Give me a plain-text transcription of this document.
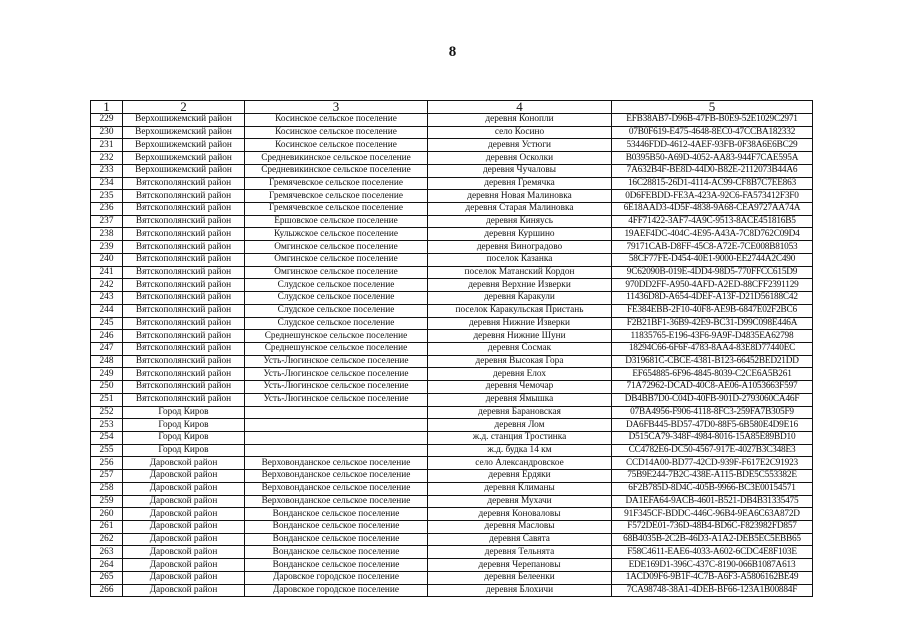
8
1	2	3	4	5
229	Верхошижемский район	Косинское сельское поселение	деревня Конопли	EFB38AB7-D96B-47FB-B0E9-52E1029C2971
230	Верхошижемский район	Косинское сельское поселение	село Косино	07B0F619-E475-4648-8EC0-47CCBA182332
231	Верхошижемский район	Косинское сельское поселение	деревня Устюги	53446FDD-4612-4AEF-93FB-0F38A6E6BC29
232	Верхошижемский район	Средневикинское сельское поселение	деревня Осколки	B0395B50-A69D-4052-AA83-944F7CAE595A
233	Верхошижемский район	Средневикинское сельское поселение	деревня Чучаловы	7A632B4F-BE8D-44D0-B82E-2112073B44A6
234	Вятскополянский район	Гремячевское сельское поселение	деревня Гремячка	16C28815-26D1-4114-AC99-CF8B7C7EE863
235	Вятскополянский район	Гремячевское сельское поселение	деревня Новая Малиновка	0D6FEBDD-FE3A-423A-92C6-FA573412F3F0
236	Вятскополянский район	Гремячевское сельское поселение	деревня Старая Малиновка	6E18AAD3-4D5F-4838-9A68-CEA9727AA74A
237	Вятскополянский район	Ершовское сельское поселение	деревня Киняусь	4FF71422-3AF7-4A9C-9513-8ACE451816B5
238	Вятскополянский район	Кулыжское сельское поселение	деревня Куршино	19AEF4DC-404C-4E95-A43A-7C8D762C09D4
239	Вятскополянский район	Омгинское сельское поселение	деревня Виноградово	79171CAB-D8FF-45C8-A72E-7CE008B81053
240	Вятскополянский район	Омгинское сельское поселение	поселок Казанка	58CF77FE-D454-40E1-9000-EE2744A2C490
241	Вятскополянский район	Омгинское сельское поселение	поселок Матанский Кордон	9C62090B-019E-4DD4-98D5-770FFCC615D9
242	Вятскополянский район	Слудское сельское поселение	деревня Верхние Изверки	970DD2FF-A950-4AFD-A2ED-88CFF2391129
243	Вятскополянский район	Слудское сельское поселение	деревня Каракули	11436D8D-A654-4DEF-A13F-D21D56188C42
244	Вятскополянский район	Слудское сельское поселение	поселок Каракульская Пристань	FE384EBB-2F10-40F8-AE9B-6847E02F2BC6
245	Вятскополянский район	Слудское сельское поселение	деревня Нижние Изверки	F2B21BF1-36B9-42E9-BC31-D99C098E446A
246	Вятскополянский район	Среднешунское сельское поселение	деревня Нижние Шуни	11835765-E196-43F6-9A9F-D4835EA62798
247	Вятскополянский район	Среднешунское сельское поселение	деревня Сосмак	18294C66-6F6F-4783-8AA4-83E8D77440EC
248	Вятскополянский район	Усть-Люгинское сельское поселение	деревня Высокая Гора	D319681C-CBCE-4381-B123-66452BED21DD
249	Вятскополянский район	Усть-Люгинское сельское поселение	деревня Елох	EF654885-6F96-4845-8039-C2CE6A5B261
250	Вятскополянский район	Усть-Люгинское сельское поселение	деревня Чемочар	71A72962-DCAD-40C8-AE06-A1053663F597
251	Вятскополянский район	Усть-Люгинское сельское поселение	деревня Ямышка	DB4BB7D0-C04D-40FB-901D-2793060CA46F
252	Город Киров		деревня Барановская	07BA4956-F906-4118-8FC3-259FA7B305F9
253	Город Киров		деревня Лом	DA6FB445-BD57-47D0-88F5-6B580E4D9E16
254	Город Киров		ж.д. станция Тростинка	D515CA79-348F-4984-8016-15A85E89BD10
255	Город Киров		ж.д. будка 14 км	CC4782E6-DC50-4567-917E-4027B3C348E3
256	Даровской район	Верховонданское сельское поселение	село Александровское	CCD14A00-BD77-42CD-939F-F617E2C91923
257	Даровской район	Верховонданское сельское поселение	деревня Ердяки	75B9E244-7B2C-438E-A115-BDE5C553382E
258	Даровской район	Верховонданское сельское поселение	деревня Климаны	6F2B785D-8D4C-405B-9966-BC3E00154571
259	Даровской район	Верховонданское сельское поселение	деревня Мухачи	DA1EFA64-9ACB-4601-B521-DB4B31335475
260	Даровской район	Вонданское сельское поселение	деревня Коноваловы	91F345CF-BDDC-446C-96B4-9EA6C63A872D
261	Даровской район	Вонданское сельское поселение	деревня Масловы	F572DE01-736D-48B4-BD6C-F823982FD857
262	Даровской район	Вонданское сельское поселение	деревня Савята	68B4035B-2C2B-46D3-A1A2-DEB5EC5EBB65
263	Даровской район	Вонданское сельское поселение	деревня Тельнята	F58C4611-EAE6-4033-A602-6CDC4E8F103E
264	Даровской район	Вонданское сельское поселение	деревня Черепановы	EDE169D1-396C-437C-8190-066B1087A613
265	Даровской район	Даровское городское поселение	деревня Белеенки	1ACD09F6-9B1F-4C7B-A6F3-A5806162BE49
266	Даровской район	Даровское городское поселение	деревня Блохичи	7CA98748-38A1-4DEB-BF66-123A1B00884F
